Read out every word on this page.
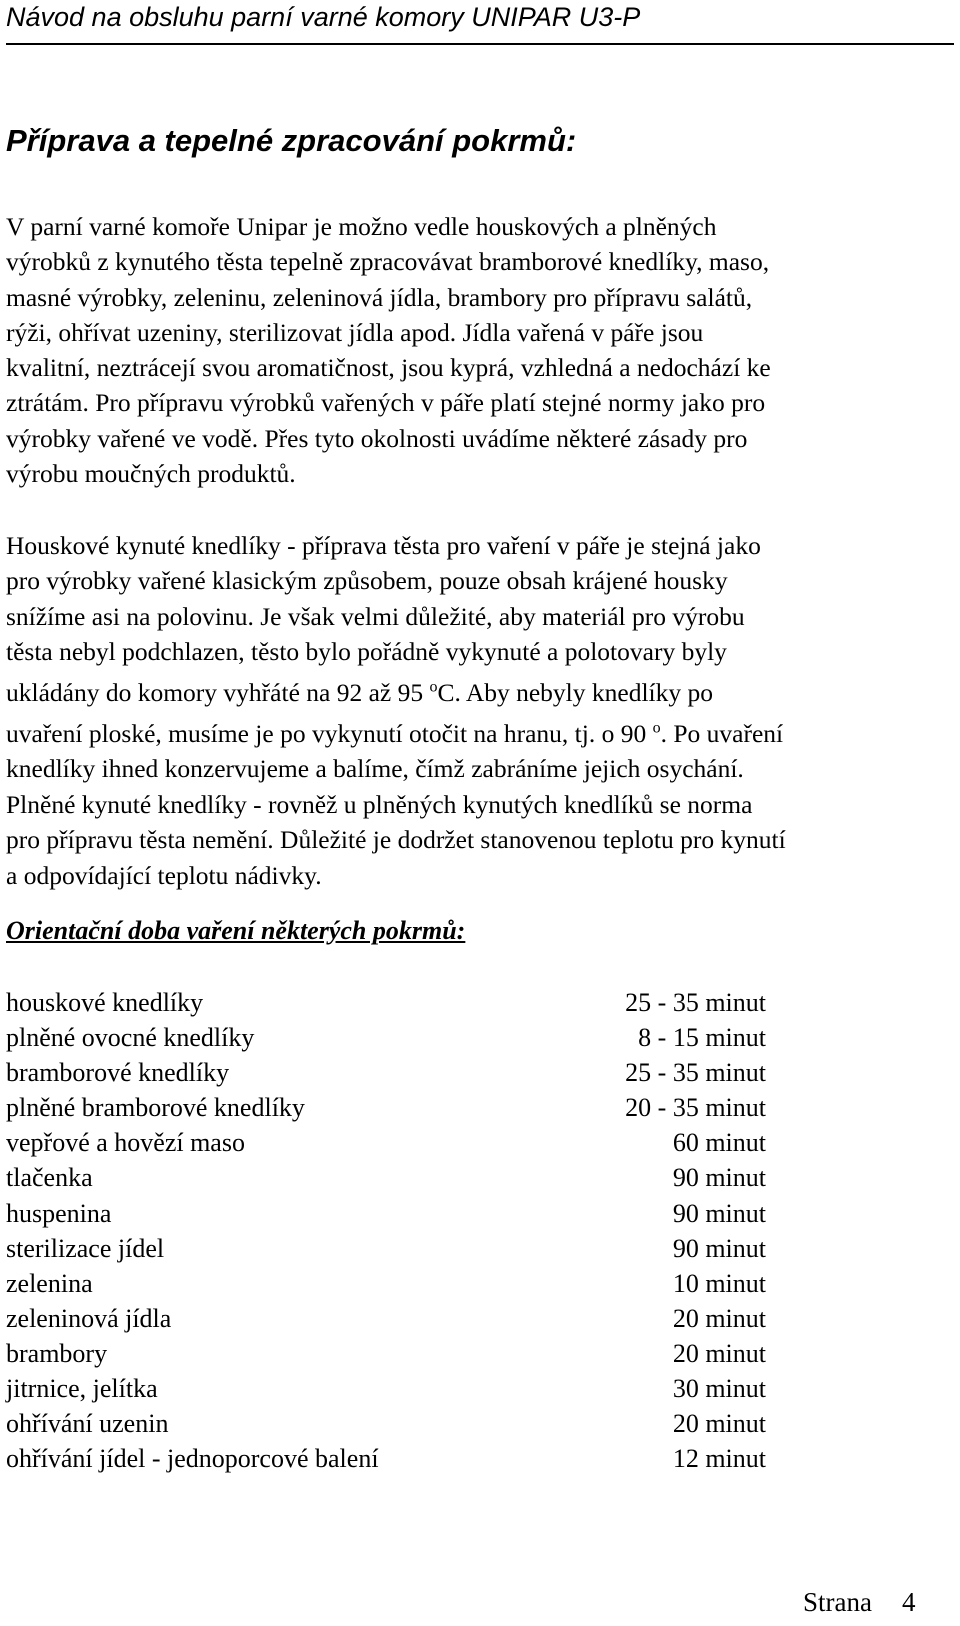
Návod na obsluhu parní varné komory UNIPAR U3-P
Příprava a tepelné zpracování pokrmů:

V parní varné komoře Unipar je možno vedle houskových a plněných
výrobků z kynutého těsta tepelně zpracovávat bramborové knedlíky, maso,
masné výrobky, zeleninu, zeleninová jídla, brambory pro přípravu salátů,
rýži, ohřívat uzeniny, sterilizovat jídla apod. Jídla vařená v páře jsou
kvalitní, neztrácejí svou aromatičnost, jsou kyprá, vzhledná a nedochází ke
ztrátám. Pro přípravu výrobků vařených v páře platí stejné normy jako pro
výrobky vařené ve vodě. Přes tyto okolnosti uvádíme některé zásady pro
výrobu moučných produktů.

Houskové kynuté knedlíky - příprava těsta pro vaření v páře je stejná jako
pro výrobky vařené klasickým způsobem, pouze obsah krájené housky
snížíme asi na polovinu. Je však velmi důležité, aby materiál pro výrobu
těsta nebyl podchlazen, těsto bylo pořádně vykynuté a polotovary byly
ukládány do komory vyhřáté na 92 až 95 $^o$C. Aby nebyly knedlíky po
uvaření ploské, musíme je po vykynutí otočit na hranu, tj. o 90 $^o$. Po uvaření
knedlíky ihned konzervujeme a balíme, čímž zabráníme jejich osychání.
Plněné kynuté knedlíky - rovněž u plněných kynutých knedlíků se norma
pro přípravu těsta nemění. Důležité je dodržet stanovenou teplotu pro kynutí
a odpovídající teplotu nádivky.

Orientační doba vaření některých pokrmů:
houskové knedlíky	25 - 35 minut
plněné ovocné knedlíky	8 - 15 minut
bramborové knedlíky	25 - 35 minut
plněné bramborové knedlíky	20 - 35 minut
vepřové a hovězí maso	60 minut
tlačenka	90 minut
huspenina	90 minut
sterilizace jídel	90 minut
zelenina	10 minut
zeleninová jídla	20 minut
brambory	20 minut
jitrnice, jelítka	30 minut
ohřívání uzenin	20 minut
ohřívání jídel - jednoporcové balení	12 minut
Strana 4
